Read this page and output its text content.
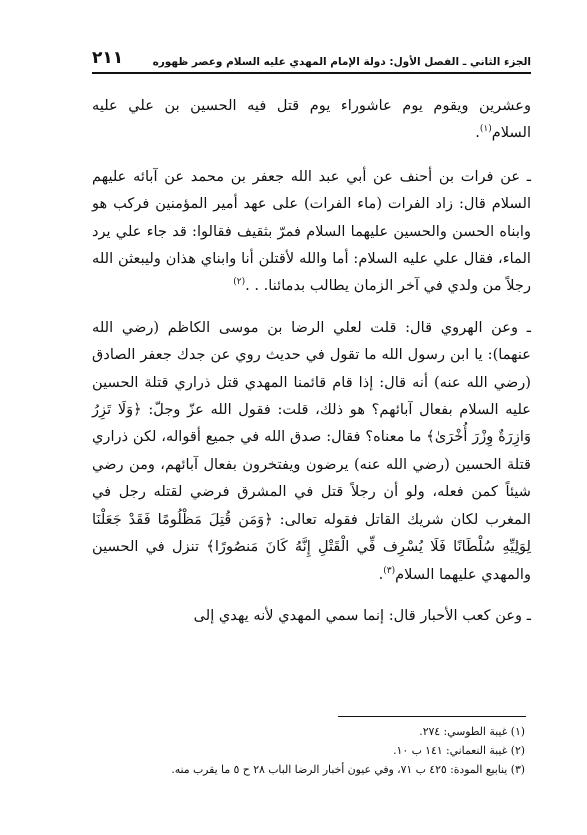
الجزء الثاني ـ الفصل الأول: دولة الإمام المهدي عليه السلام وعصر ظهوره
٢١١

وعشرين ويقوم يوم عاشوراء يوم قتل فيه الحسين بن علي عليه السلام$^{(١)}$.

ـ عن فرات بن أحنف عن أبي عبد الله جعفر بن محمد عن آبائه عليهم السلام قال: زاد الفرات (ماء الفرات) على عهد أمير المؤمنين فركب هو وابناه الحسن والحسين عليهما السلام فمرّ بثقيف فقالوا: قد جاء علي يرد الماء، فقال علي عليه السلام: أما والله لأقتلن أنا وابناي هذان وليبعثن الله رجلاً من ولدي في آخر الزمان يطالب بدمائنا. . .$^{(٢)}$

ـ وعن الهروي قال: قلت لعلي الرضا بن موسى الكاظم (رضي الله عنهما): يا ابن رسول الله ما تقول في حديث روي عن جدك جعفر الصادق (رضي الله عنه) أنه قال: إذا قام قائمنا المهدي قتل ذراري قتلة الحسين عليه السلام بفعال آبائهم؟ هو ذلك، قلت: فقول الله عزّ وجلّ: ﴿وَلَا تَزِرُ وَازِرَةٌ وِزْرَ أُخْرَىٰ﴾ ما معناه؟ فقال: صدق الله في جميع أقواله، لكن ذراري قتلة الحسين (رضي الله عنه) يرضون ويفتخرون بفعال آبائهم، ومن رضي شيئاً كمن فعله، ولو أن رجلاً قتل في المشرق فرضي لقتله رجل في المغرب لكان شريك القاتل فقوله تعالى: ﴿وَمَن قُتِلَ مَظْلُومًا فَقَدْ جَعَلْنَا لِوَلِيِّهِ سُلْطَانًا فَلَا يُسْرِف فِّي الْقَتْلِ إِنَّهُ كَانَ مَنصُورًا﴾ تنزل في الحسين والمهدي عليهما السلام$^{(٣)}$.

ـ وعن كعب الأحبار قال: إنما سمي المهدي لأنه يهدي إلى

(١) غيبة الطوسي: ٢٧٤.
(٢) غيبة النعماني: ١٤١ ب ١٠.
(٣) ينابيع المودة: ٤٢٥ ب ٧١، وفي عيون أخبار الرضا الباب ٢٨ ح ٥ ما يقرب منه.
